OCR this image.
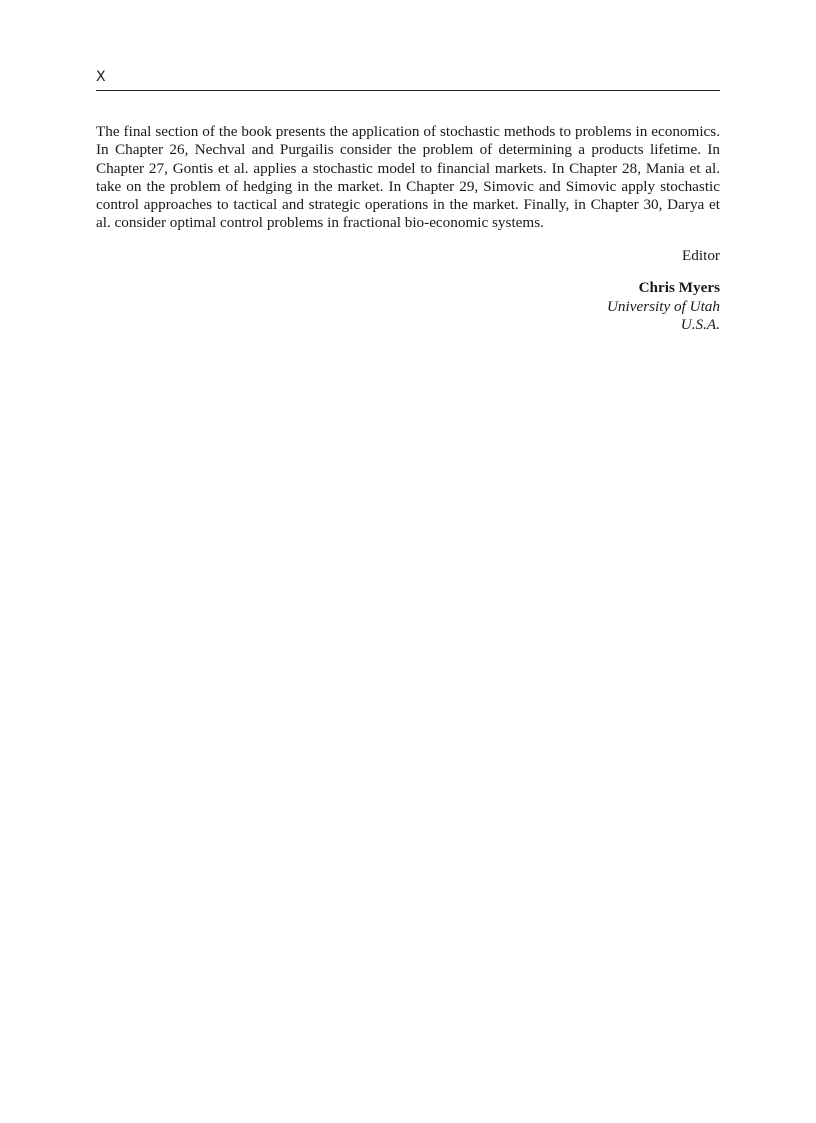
X

The final section of the book presents the application of stochastic methods to problems in economics. In Chapter 26, Nechval and Purgailis consider the problem of determining a products lifetime. In Chapter 27, Gontis et al. applies a stochastic model to financial markets. In Chapter 28, Mania et al. take on the problem of hedging in the market. In Chapter 29, Simovic and Simovic apply stochastic control approaches to tactical and strategic operations in the market. Finally, in Chapter 30, Darya et al. consider optimal control problems in fractional bio-economic systems.

Editor
Chris Myers
University of Utah
U.S.A.
